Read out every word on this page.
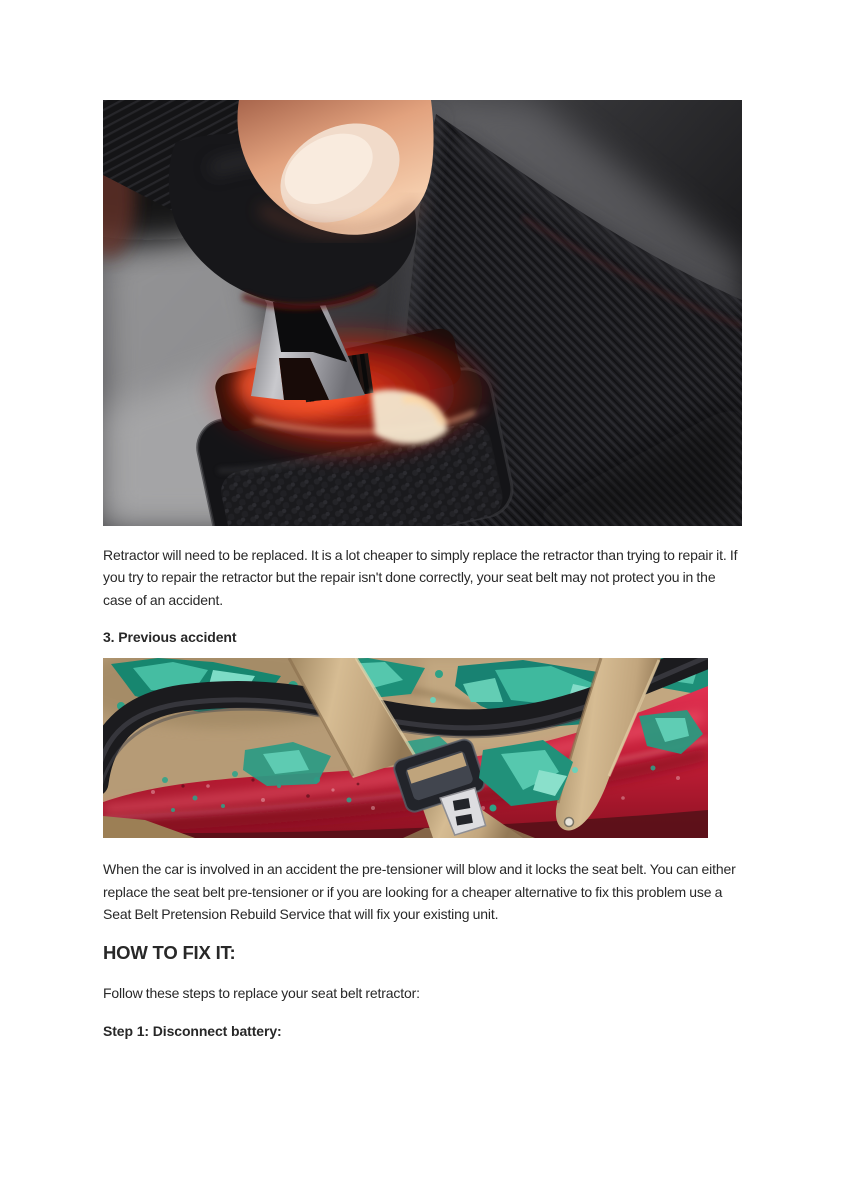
Retractor will need to be replaced. It is a lot cheaper to simply replace the retractor than trying to repair it. If you try to repair the retractor but the repair isn't done correctly, your seat belt may not protect you in the case of an accident.

3. Previous accident

When the car is involved in an accident the pre-tensioner will blow and it locks the seat belt. You can either replace the seat belt pre-tensioner or if you are looking for a cheaper alternative to fix this problem use a Seat Belt Pretension Rebuild Service that will fix your existing unit.

HOW TO FIX IT:

Follow these steps to replace your seat belt retractor:

Step 1: Disconnect battery:
